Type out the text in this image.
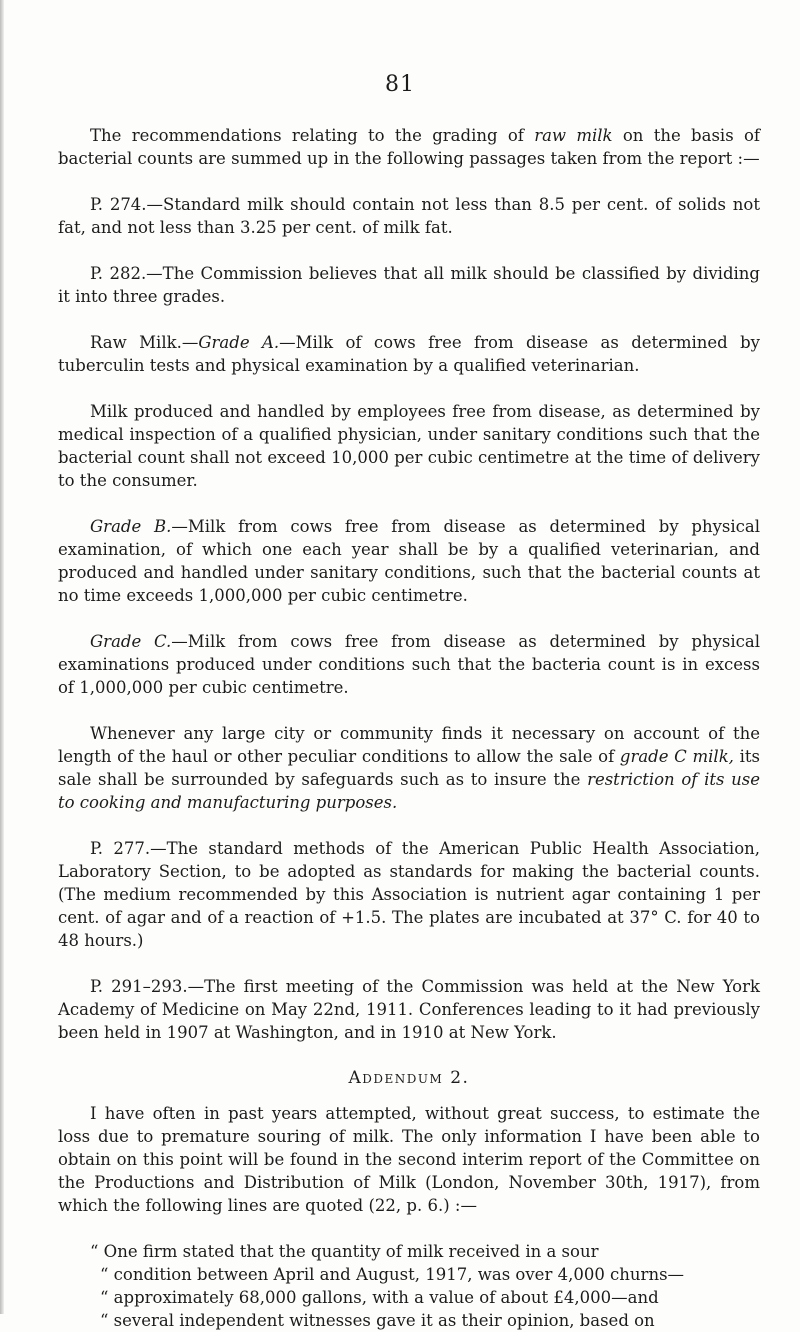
81

The recommendations relating to the grading of raw milk on the basis of bacterial counts are summed up in the following passages taken from the report :—

P. 274.—Standard milk should contain not less than 8.5 per cent. of solids not fat, and not less than 3.25 per cent. of milk fat.

P. 282.—The Commission believes that all milk should be classified by dividing it into three grades.

Raw Milk.—Grade A.—Milk of cows free from disease as determined by tuberculin tests and physical examination by a qualified veterinarian.

Milk produced and handled by employees free from disease, as determined by medical inspection of a qualified physician, under sanitary conditions such that the bacterial count shall not exceed 10,000 per cubic centimetre at the time of delivery to the consumer.

Grade B.—Milk from cows free from disease as determined by physical examination, of which one each year shall be by a qualified veterinarian, and produced and handled under sanitary conditions, such that the bacterial counts at no time exceeds 1,000,000 per cubic centimetre.

Grade C.—Milk from cows free from disease as determined by physical examinations produced under conditions such that the bacteria count is in excess of 1,000,000 per cubic centimetre.

Whenever any large city or community finds it necessary on account of the length of the haul or other peculiar conditions to allow the sale of grade C milk, its sale shall be surrounded by safeguards such as to insure the restriction of its use to cooking and manufacturing purposes.

P. 277.—The standard methods of the American Public Health Association, Laboratory Section, to be adopted as standards for making the bacterial counts. (The medium recommended by this Association is nutrient agar containing 1 per cent. of agar and of a reaction of +1.5. The plates are incubated at 37° C. for 40 to 48 hours.)

P. 291–293.—The first meeting of the Commission was held at the New York Academy of Medicine on May 22nd, 1911. Conferences leading to it had previously been held in 1907 at Washington, and in 1910 at New York.

Addendum 2.

I have often in past years attempted, without great success, to estimate the loss due to premature souring of milk. The only information I have been able to obtain on this point will be found in the second interim report of the Committee on the Productions and Distribution of Milk (London, November 30th, 1917), from which the following lines are quoted (22, p. 6.) :—

“ One firm stated that the quantity of milk received in a sour

“ condition between April and August, 1917, was over 4,000 churns—

“ approximately 68,000 gallons, with a value of about £4,000—and

“ several independent witnesses gave it as their opinion, based on
